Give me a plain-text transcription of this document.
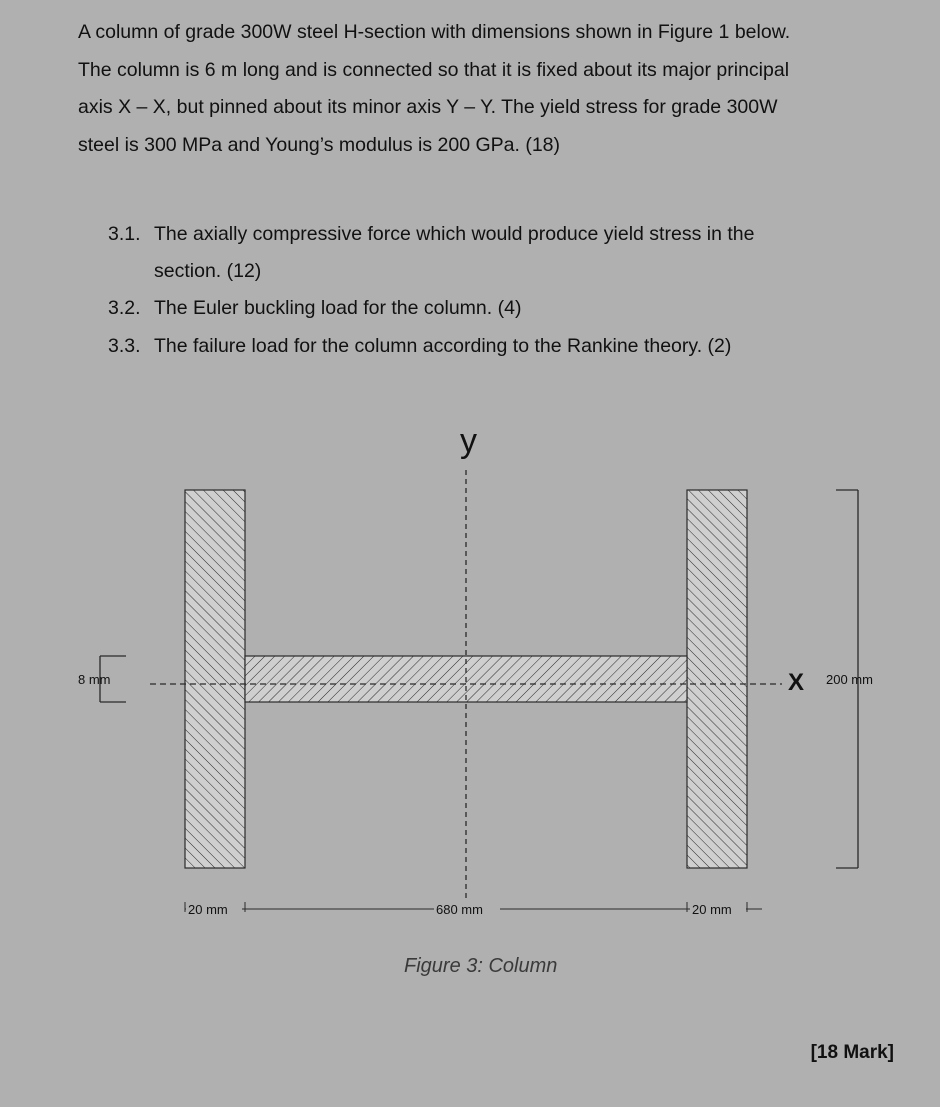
A column of grade 300W steel H-section with dimensions shown in Figure 1 below.

The column is 6 m long and is connected so that it is fixed about its major principal

axis X – X, but pinned about its minor axis Y – Y. The yield stress for grade 300W

steel is 300 MPa and Young’s modulus is 200 GPa. (18)

3.1. The axially compressive force which would produce yield stress in the
section. (12)
3.2. The Euler buckling load for the column. (4)
3.3. The failure load for the column according to the Rankine theory. (2)
y
X
8 mm	200 mm
20 mm	680 mm	20 mm
Figure 3: Column
[18 Mark]
